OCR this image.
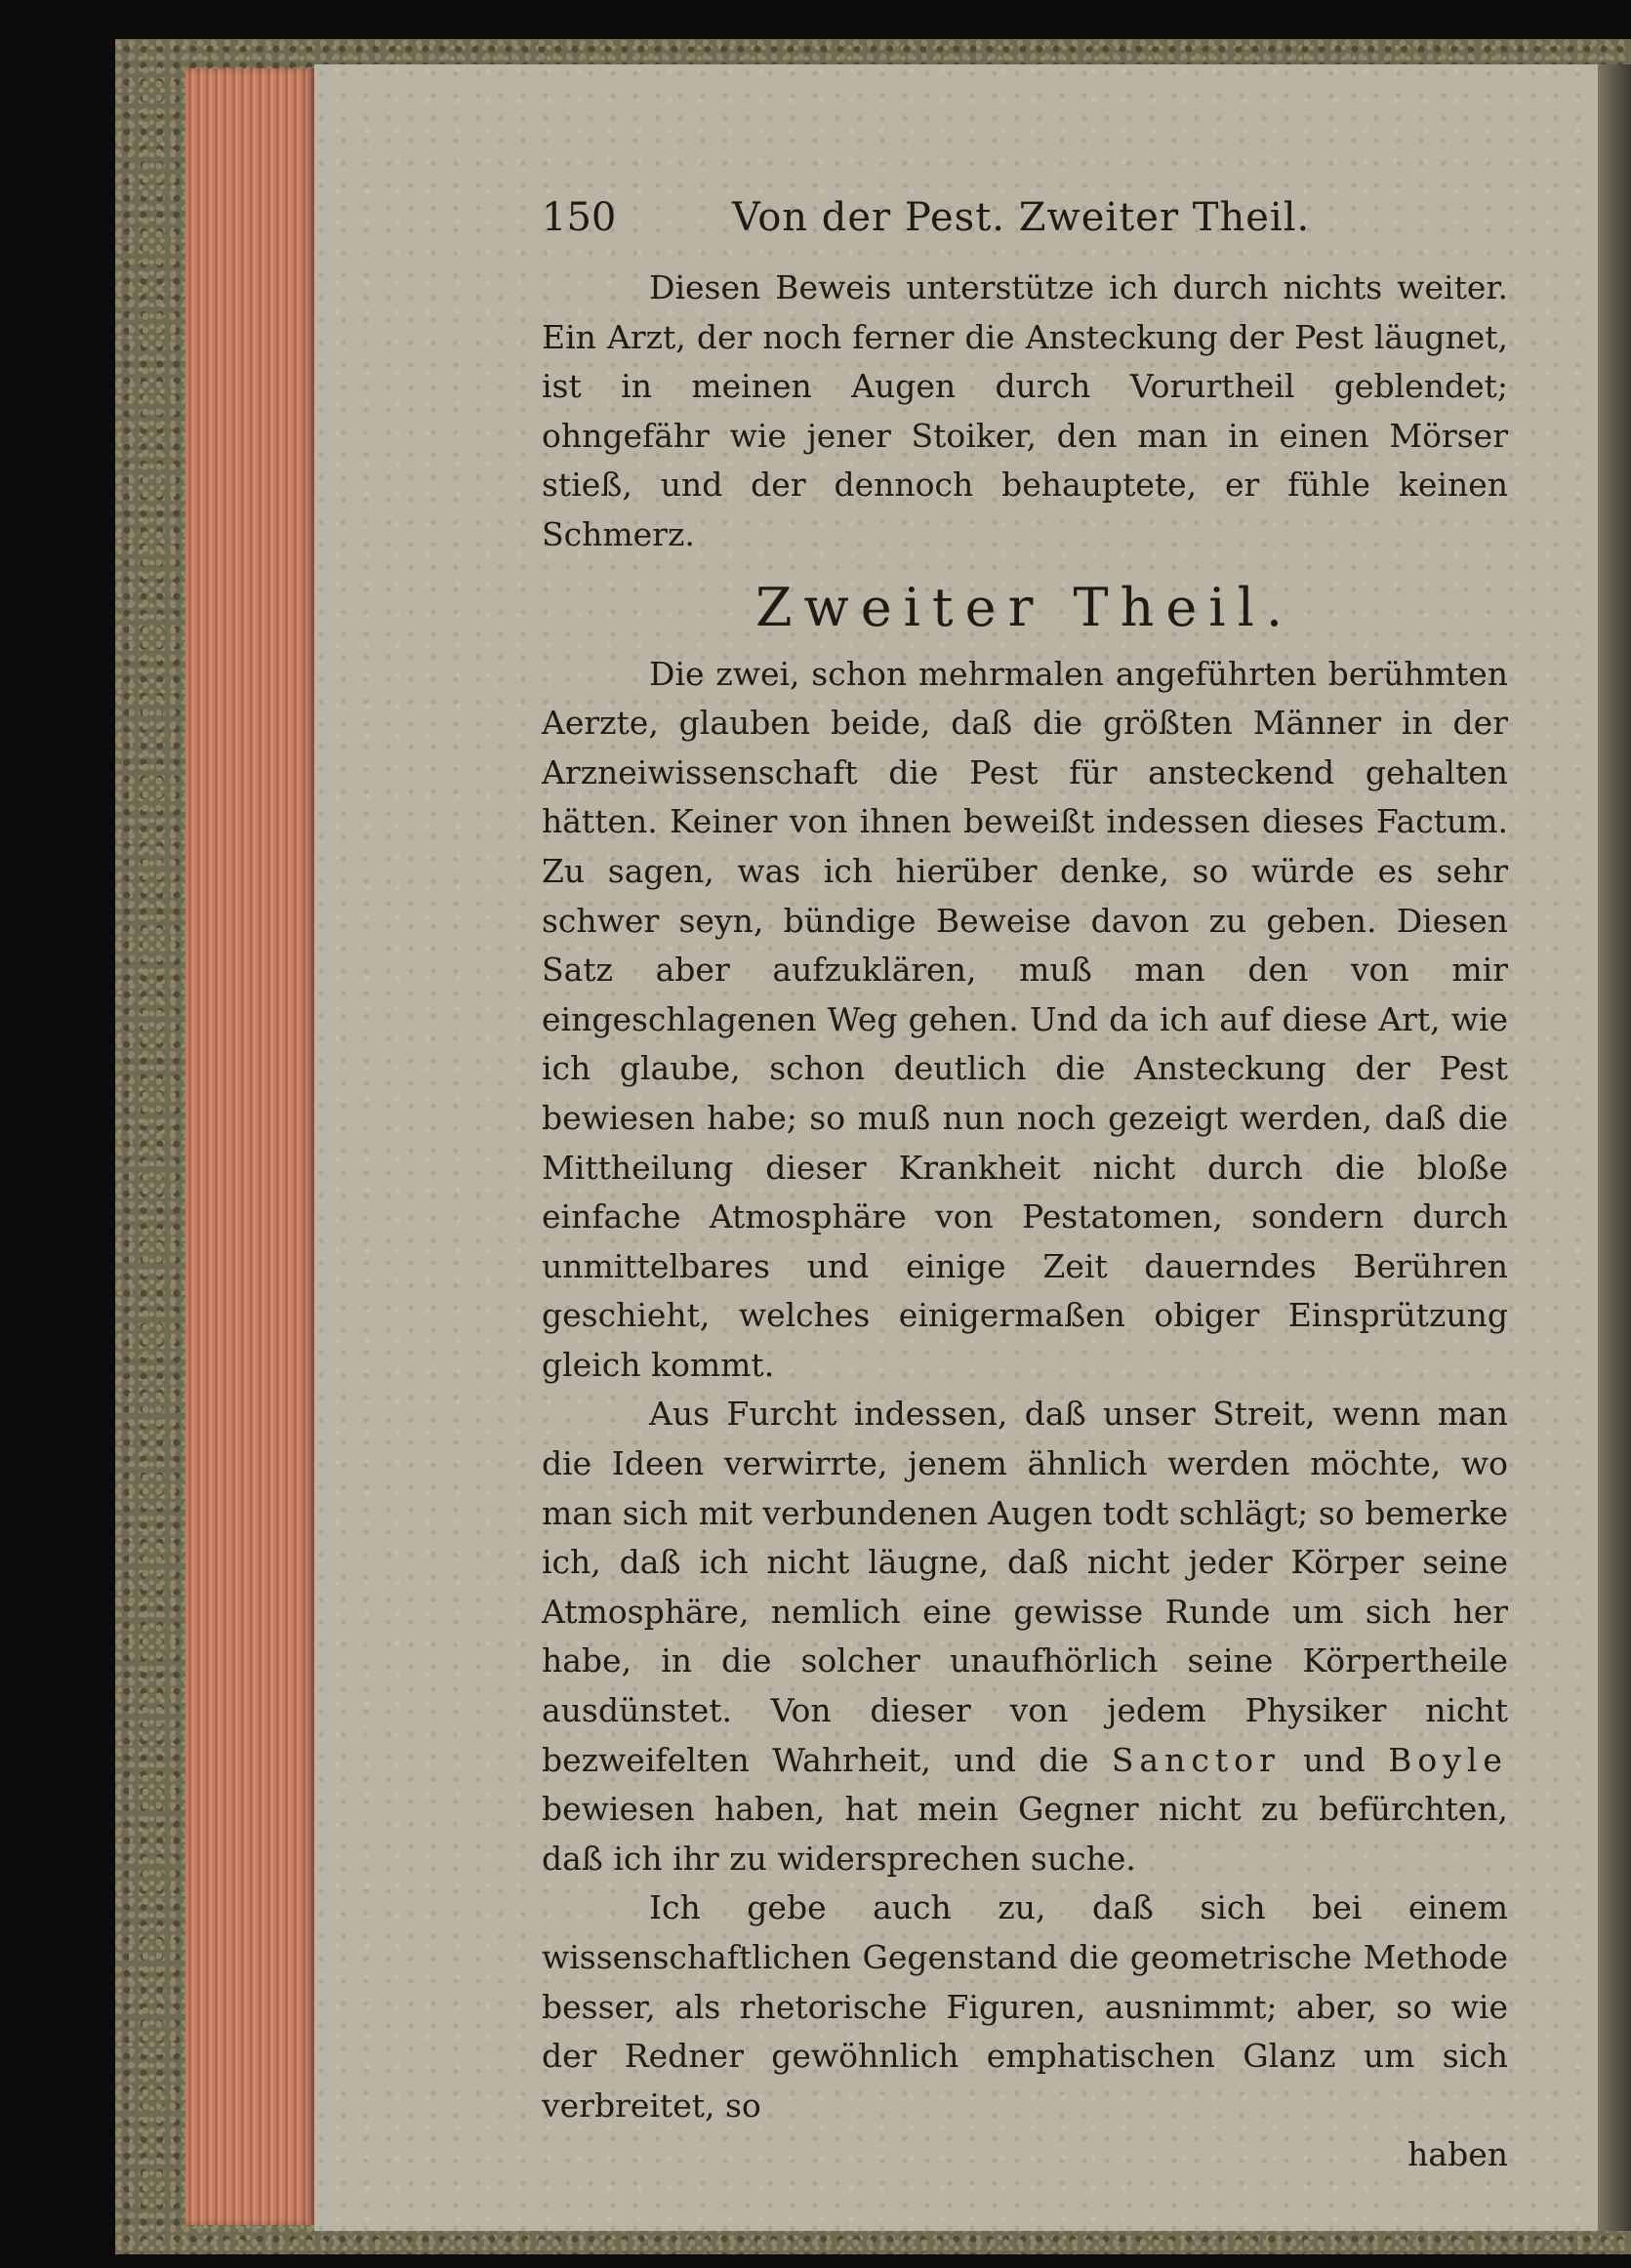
150	Von der Pest. Zweiter Theil.

Diesen Beweis unterstütze ich durch nichts weiter. Ein Arzt, der noch ferner die Ansteckung der Pest läugnet, ist in meinen Augen durch Vorurtheil geblendet; ohngefähr wie jener Stoiker, den man in einen Mörser stieß, und der dennoch behauptete, er fühle keinen Schmerz.

Zweiter Theil.

Die zwei, schon mehrmalen angeführten berühmten Aerzte, glauben beide, daß die größten Männer in der Arzneiwissenschaft die Pest für ansteckend gehalten hätten. Keiner von ihnen beweißt indessen dieses Factum. Zu sagen, was ich hierüber denke, so würde es sehr schwer seyn, bündige Beweise davon zu geben. Diesen Satz aber aufzuklären, muß man den von mir eingeschlagenen Weg gehen. Und da ich auf diese Art, wie ich glaube, schon deutlich die Ansteckung der Pest bewiesen habe; so muß nun noch gezeigt werden, daß die Mittheilung dieser Krankheit nicht durch die bloße einfache Atmosphäre von Pestatomen, sondern durch unmittelbares und einige Zeit dauerndes Berühren geschieht, welches einigermaßen obiger Einsprützung gleich kommt.

Aus Furcht indessen, daß unser Streit, wenn man die Ideen verwirrte, jenem ähnlich werden möchte, wo man sich mit verbundenen Augen todt schlägt; so bemerke ich, daß ich nicht läugne, daß nicht jeder Körper seine Atmosphäre, nemlich eine gewisse Runde um sich her habe, in die solcher unaufhörlich seine Körpertheile ausdünstet. Von dieser von jedem Physiker nicht bezweifelten Wahrheit, und die Sanctor und Boyle bewiesen haben, hat mein Gegner nicht zu befürchten, daß ich ihr zu widersprechen suche.

Ich gebe auch zu, daß sich bei einem wissenschaftlichen Gegenstand die geometrische Methode besser, als rhetorische Figuren, ausnimmt; aber, so wie der Redner gewöhnlich emphatischen Glanz um sich verbreitet, so

haben
